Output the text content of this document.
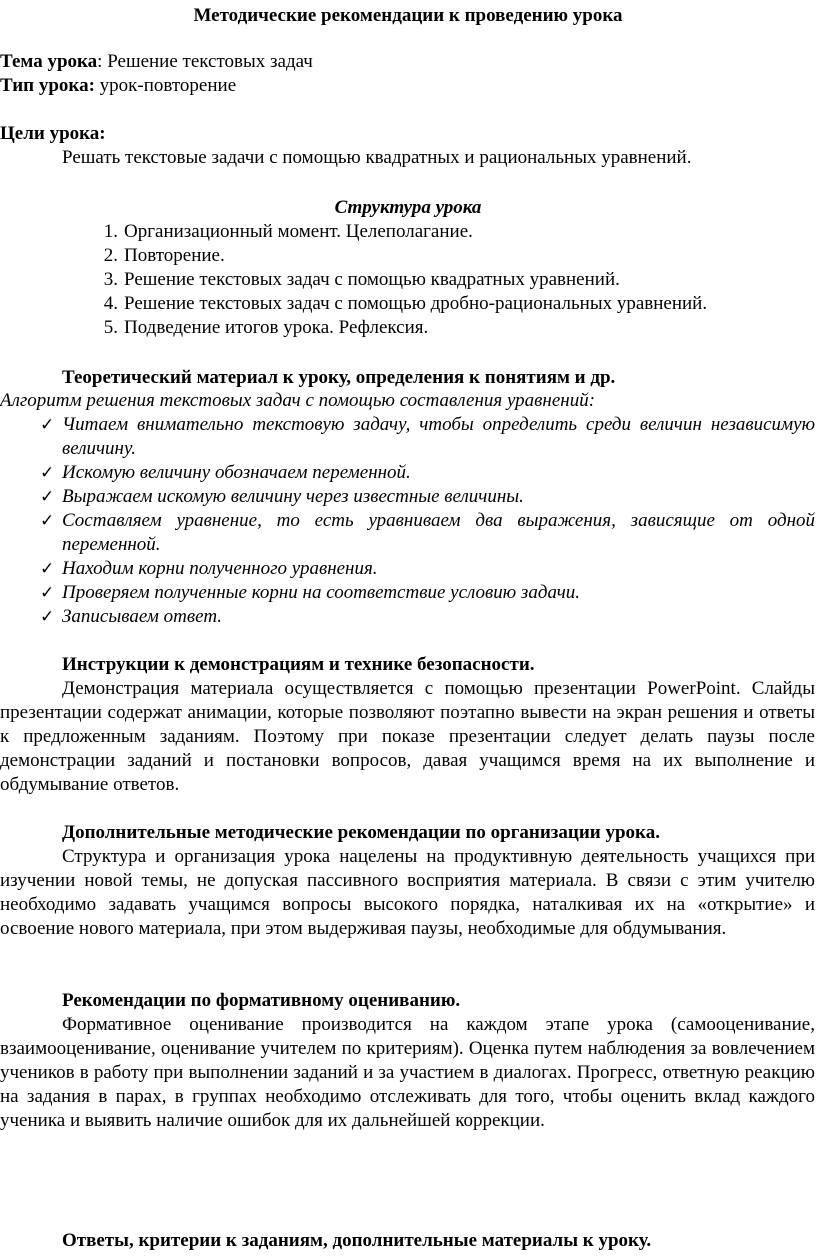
Методические рекомендации к проведению урока
Тема урока: Решение текстовых задач
Тип урока: урок-повторение
Цели урока:
Решать текстовые задачи с помощью квадратных и рациональных уравнений.
Структура урока
1. Организационный момент. Целеполагание.
2. Повторение.
3. Решение текстовых задач с помощью квадратных уравнений.
4. Решение текстовых задач с помощью дробно-рациональных уравнений.
5. Подведение итогов урока. Рефлексия.
Теоретический материал к уроку, определения к понятиям и др.
Алгоритм решения текстовых задач с помощью составления уравнений:
✓ Читаем внимательно текстовую задачу, чтобы определить среди величин независимую величину.
✓ Искомую величину обозначаем переменной.
✓ Выражаем искомую величину через известные величины.
✓ Составляем уравнение, то есть уравниваем два выражения, зависящие от одной переменной.
✓ Находим корни полученного уравнения.
✓ Проверяем полученные корни на соответствие условию задачи.
✓ Записываем ответ.
Инструкции к демонстрациям и технике безопасности.
Демонстрация материала осуществляется с помощью презентации PowerPoint. Слайды презентации содержат анимации, которые позволяют поэтапно вывести на экран решения и ответы к предложенным заданиям. Поэтому при показе презентации следует делать паузы после демонстрации заданий и постановки вопросов, давая учащимся время на их выполнение и обдумывание ответов.
Дополнительные методические рекомендации по организации урока.
Структура и организация урока нацелены на продуктивную деятельность учащихся при изучении новой темы, не допуская пассивного восприятия материала. В связи с этим учителю необходимо задавать учащимся вопросы высокого порядка, наталкивая их на «открытие» и освоение нового материала, при этом выдерживая паузы, необходимые для обдумывания.
Рекомендации по формативному оцениванию.
Формативное оценивание производится на каждом этапе урока (самооценивание, взаимооценивание, оценивание учителем по критериям). Оценка путем наблюдения за вовлечением учеников в работу при выполнении заданий и за участием в диалогах. Прогресс, ответную реакцию на задания в парах, в группах необходимо отслеживать для того, чтобы оценить вклад каждого ученика и выявить наличие ошибок для их дальнейшей коррекции.
Ответы, критерии к заданиям, дополнительные материалы к уроку.
